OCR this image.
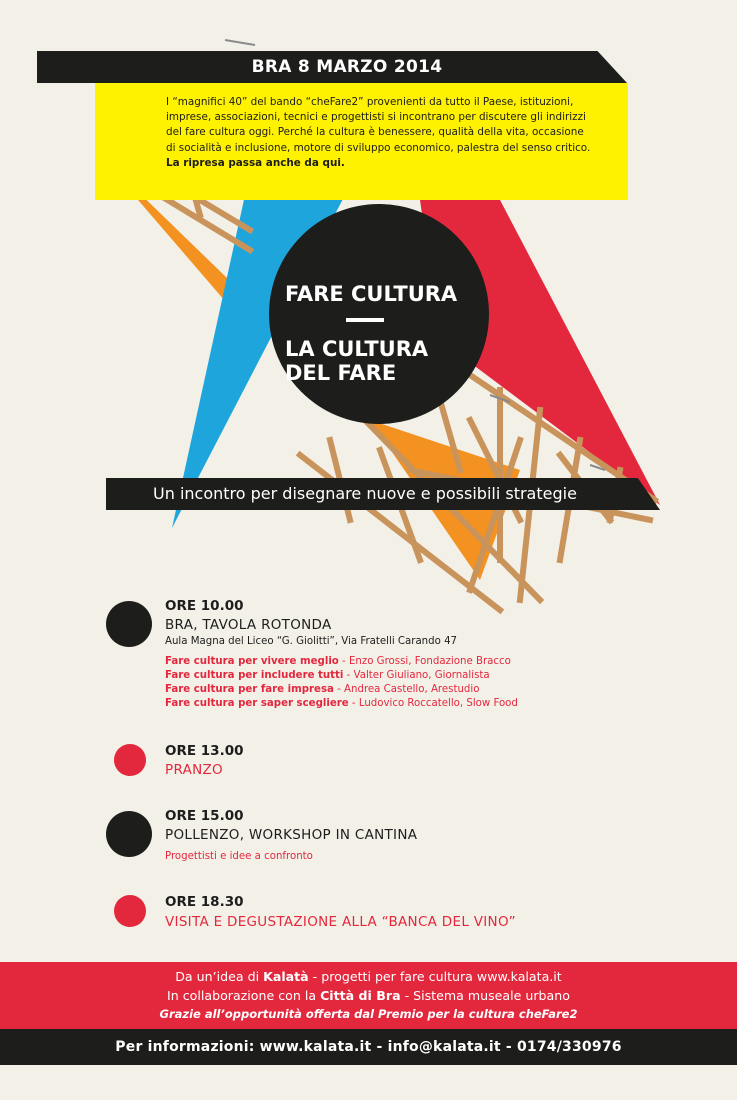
BRA 8 MARZO 2014
I “magnifici 40” del bando “cheFare2” provenienti da tutto il Paese, istituzioni,
imprese, associazioni, tecnici e progettisti si incontrano per discutere gli indirizzi
del fare cultura oggi. Perché la cultura è benessere, qualità della vita, occasione
di socialità e inclusione, motore di sviluppo economico, palestra del senso critico.
La ripresa passa anche da qui.
FARE CULTURA
LA CULTURA
DEL FARE
Un incontro per disegnare nuove e possibili strategie
ORE 10.00
BRA, TAVOLA ROTONDA
Aula Magna del Liceo “G. Giolitti”, Via Fratelli Carando 47
Fare cultura per vivere meglio - Enzo Grossi, Fondazione Bracco
Fare cultura per includere tutti - Valter Giuliano, Giornalista
Fare cultura per fare impresa - Andrea Castello, Arestudio
Fare cultura per saper scegliere - Ludovico Roccatello, Slow Food
ORE 13.00
PRANZO
ORE 15.00
POLLENZO, WORKSHOP IN CANTINA
Progettisti e idee a confronto
ORE 18.30
VISITA E DEGUSTAZIONE ALLA “BANCA DEL VINO”
Da un’idea di Kalatà - progetti per fare cultura www.kalata.it
In collaborazione con la Città di Bra - Sistema museale urbano
Grazie all’opportunità offerta dal Premio per la cultura cheFare2
Per informazioni: www.kalata.it - info@kalata.it - 0174/330976
